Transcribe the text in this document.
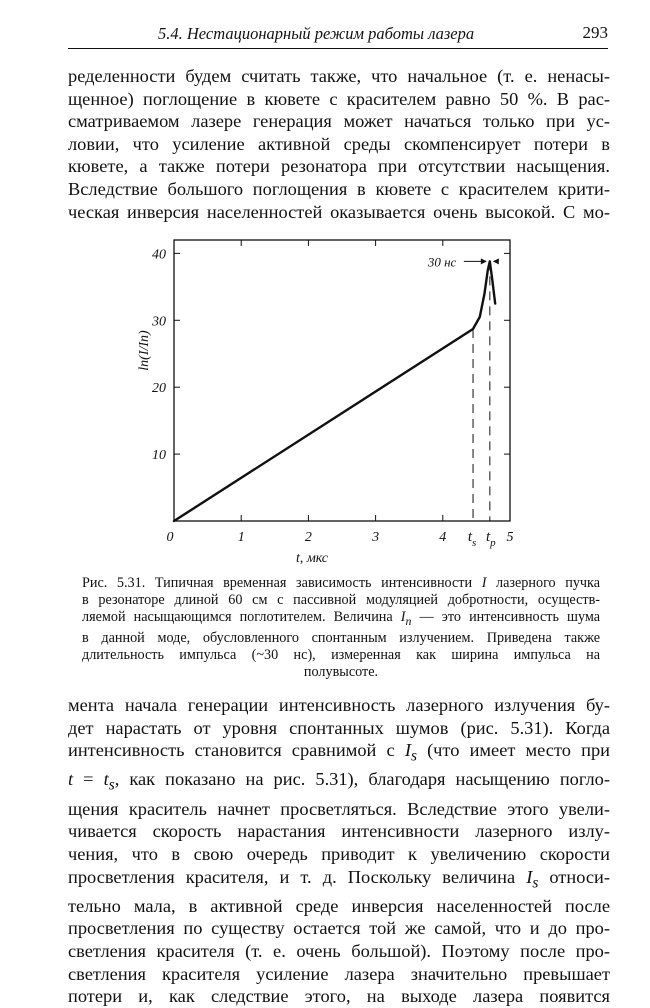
5.4. Нестационарный режим работы лазера	293
ределенности будем считать также, что начальное (т. е. ненасы-
щенное) поглощение в кювете с красителем равно 50 %. В рас-
сматриваемом лазере генерация может начаться только при ус-
ловии, что усиление активной среды скомпенсирует потери в
кювете, а также потери резонатора при отсутствии насыщения.
Вследствие большого поглощения в кювете с красителем крити-
ческая инверсия населенностей оказывается очень высокой. С мо-
0	1	2	3	4	5
10
20
30
40
t, мкс
ln(I/In)
$t_s$ $t_p$
30 нс
Рис. 5.31. Типичная временная зависимость интенсивности I лазерного пучка
в резонаторе длиной 60 см с пассивной модуляцией добротности, осуществ-
ляемой насыщающимся поглотителем. Величина $I_n$ — это интенсивность шума
в данной моде, обусловленного спонтанным излучением. Приведена также
длительность импульса (~30 нс), измеренная как ширина импульса на
полувысоте.
мента начала генерации интенсивность лазерного излучения бу-
дет нарастать от уровня спонтанных шумов (рис. 5.31). Когда
интенсивность становится сравнимой с $I_s$ (что имеет место при
$t = t_s$, как показано на рис. 5.31), благодаря насыщению погло-
щения краситель начнет просветляться. Вследствие этого увели-
чивается скорость нарастания интенсивности лазерного излу-
чения, что в свою очередь приводит к увеличению скорости
просветления красителя, и т. д. Поскольку величина $I_s$ относи-
тельно мала, в активной среде инверсия населенностей после
просветления по существу остается той же самой, что и до про-
светления красителя (т. е. очень большой). Поэтому после про-
светления красителя усиление лазера значительно превышает
потери и, как следствие этого, на выходе лазера появится
